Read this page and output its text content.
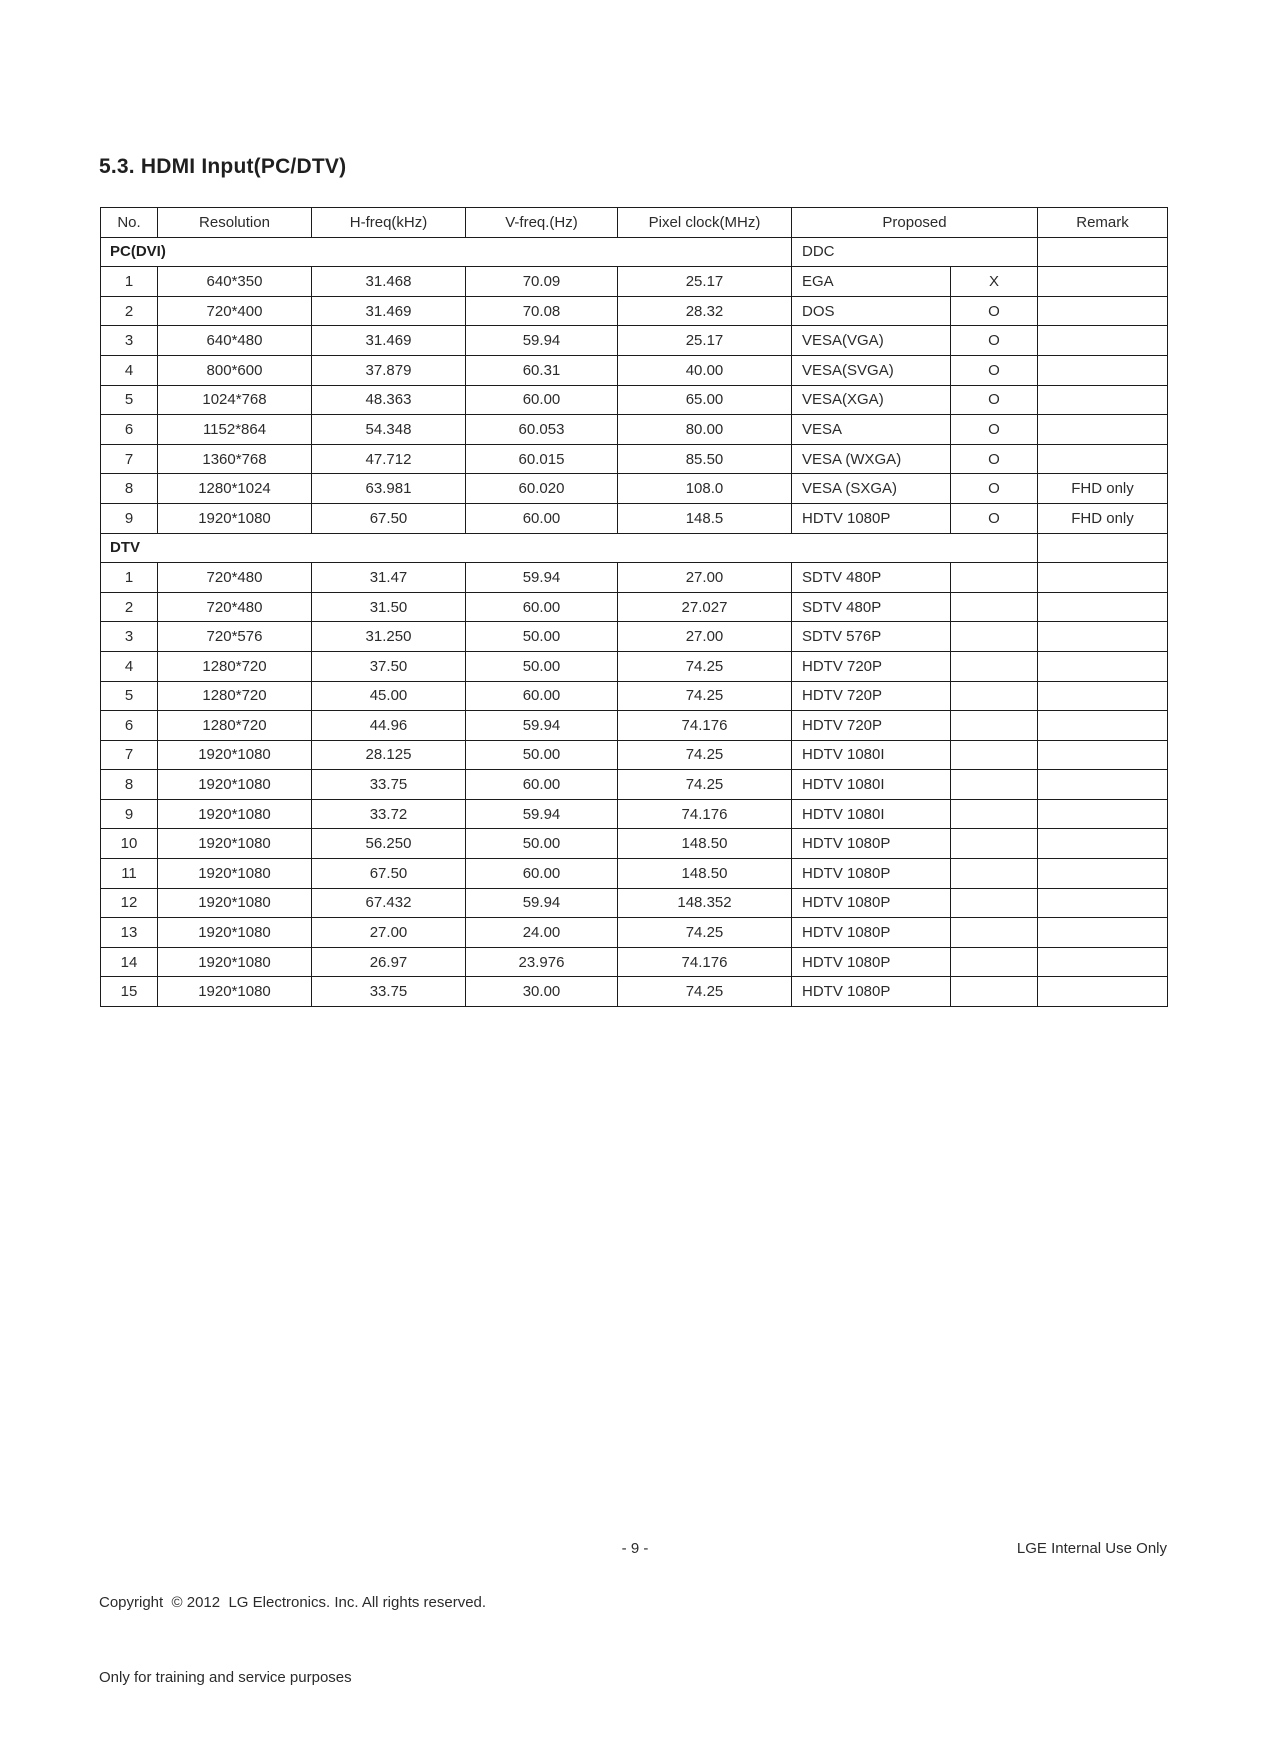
5.3. HDMI Input(PC/DTV)
No.	Resolution	H-freq(kHz)	V-freq.(Hz)	Pixel clock(MHz)	Proposed		Remark
PC(DVI)					DDC		
1	640*350	31.468	70.09	25.17	EGA	X	
2	720*400	31.469	70.08	28.32	DOS	O	
3	640*480	31.469	59.94	25.17	VESA(VGA)	O	
4	800*600	37.879	60.31	40.00	VESA(SVGA)	O	
5	1024*768	48.363	60.00	65.00	VESA(XGA)	O	
6	1152*864	54.348	60.053	80.00	VESA	O	
7	1360*768	47.712	60.015	85.50	VESA (WXGA)	O	
8	1280*1024	63.981	60.020	108.0	VESA (SXGA)	O	FHD only
9	1920*1080	67.50	60.00	148.5	HDTV 1080P	O	FHD only
DTV							
1	720*480	31.47	59.94	27.00	SDTV 480P		
2	720*480	31.50	60.00	27.027	SDTV 480P		
3	720*576	31.250	50.00	27.00	SDTV 576P		
4	1280*720	37.50	50.00	74.25	HDTV 720P		
5	1280*720	45.00	60.00	74.25	HDTV 720P		
6	1280*720	44.96	59.94	74.176	HDTV 720P		
7	1920*1080	28.125	50.00	74.25	HDTV 1080I		
8	1920*1080	33.75	60.00	74.25	HDTV 1080I		
9	1920*1080	33.72	59.94	74.176	HDTV 1080I		
10	1920*1080	56.250	50.00	148.50	HDTV 1080P		
11	1920*1080	67.50	60.00	148.50	HDTV 1080P		
12	1920*1080	67.432	59.94	148.352	HDTV 1080P		
13	1920*1080	27.00	24.00	74.25	HDTV 1080P		
14	1920*1080	26.97	23.976	74.176	HDTV 1080P		
15	1920*1080	33.75	30.00	74.25	HDTV 1080P		

Copyright  © 2012  LG Electronics. Inc. All rights reserved.

Only for training and service purposes

- 9 -	LGE Internal Use Only
